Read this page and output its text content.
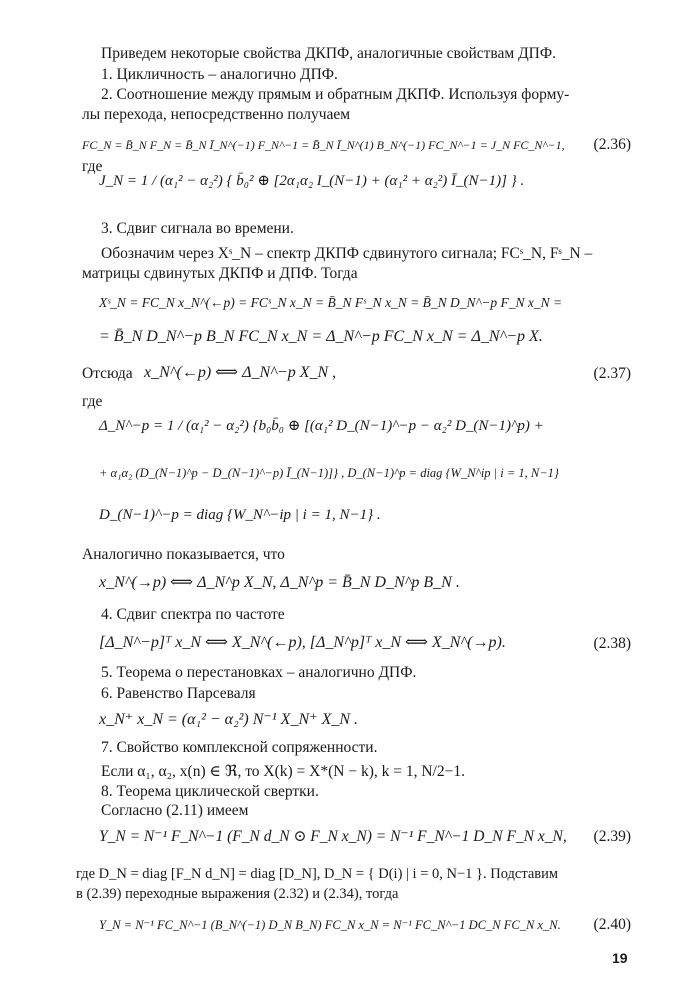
Приведем некоторые свойства ДКПФ, аналогичные свойствам ДПФ.
1. Цикличность – аналогично ДПФ.
2. Соотношение между прямым и обратным ДКПФ. Используя форму-
лы перехода, непосредственно получаем
FC_N = B̄_N F_N = B̄_N Ī_N^(−1) F_N^−1 = B̄_N Ī_N^(1) B_N^(−1) FC_N^−1 = J_N FC_N^−1, (2.36)
где
J_N = 1 / (α₁² − α₂²) { b̄₀² ⊕ [2α₁α₂ I_(N−1) + (α₁² + α₂²) Ī_(N−1)] } .
3. Сдвиг сигнала во времени.
Обозначим через Xˢ_N – спектр ДКПФ сдвинутого сигнала; FCˢ_N, Fˢ_N –
матрицы сдвинутых ДКПФ и ДПФ. Тогда
Xˢ_N = FC_N x_N^(←p) = FCˢ_N x_N = B̄_N Fˢ_N x_N = B̄_N D_N^−p F_N x_N =
= B̄_N D_N^−p B_N FC_N x_N = Δ_N^−p FC_N x_N = Δ_N^−p X.
Отсюда x_N^(←p) ⟺ Δ_N^−p X_N ,	(2.37)
где
Δ_N^−p = 1 / (α₁² − α₂²) {b₀b̄₀ ⊕ [(α₁² D_(N−1)^−p − α₂² D_(N−1)^p) +
+ α₁α₂ (D_(N−1)^p − D_(N−1)^−p) Ī_(N−1)]} , D_(N−1)^p = diag {W_N^ip | i = 1, N−1}
D_(N−1)^−p = diag {W_N^−ip | i = 1, N−1} .
Аналогично показывается, что
x_N^(→p) ⟺ Δ_N^p X_N, Δ_N^p = B̄_N D_N^p B_N .
4. Сдвиг спектра по частоте
[Δ_N^−p]ᵀ x_N ⟺ X_N^(←p), [Δ_N^p]ᵀ x_N ⟺ X_N^(→p).	(2.38)
5. Теорема о перестановках – аналогично ДПФ.
6. Равенство Парсеваля
x_N⁺ x_N = (α₁² − α₂²) N⁻¹ X_N⁺ X_N .
7. Свойство комплексной сопряженности.
Если α₁, α₂, x(n) ∈ ℜ, то X(k) = X*(N − k), k = 1, N/2−1.
8. Теорема циклической свертки.
Согласно (2.11) имеем
Y_N = N⁻¹ F_N^−1 (F_N d_N ⊙ F_N x_N) = N⁻¹ F_N^−1 D_N F_N x_N, (2.39)
где D_N = diag [F_N d_N] = diag [D_N], D_N = { D(i) | i = 0, N−1 }. Подставим
в (2.39) переходные выражения (2.32) и (2.34), тогда
Y_N = N⁻¹ FC_N^−1 (B_N^(−1) D_N B_N) FC_N x_N = N⁻¹ FC_N^−1 DC_N FC_N x_N. (2.40)
19
